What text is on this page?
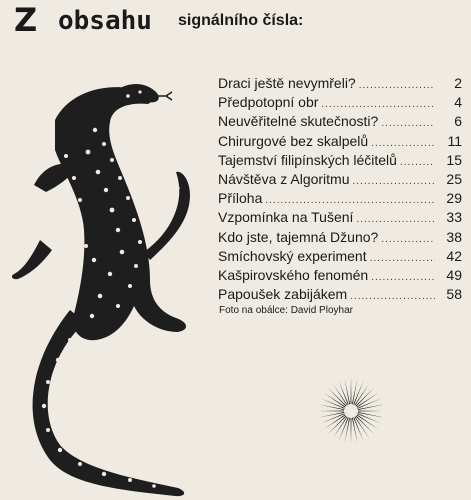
Z obsahu signálního čísla:
Draci ještě nevymřeli? .....	2
Předpotopní obr .....	4
Neuvěřitelné skutečnosti? .....	6
Chirurgové bez skalpelů .....	11
Tajemství filipínských léčitelů .....	15
Návštěva z Algoritmu .....	25
Příloha .....	29
Vzpomínka na Tušení .....	33
Kdo jste, tajemná Džuno? .....	38
Smíchovský experiment .....	42
Kašpirovského fenomén .....	49
Papoušek zabijákem .....	58
Foto na obálce: David Ployhar
